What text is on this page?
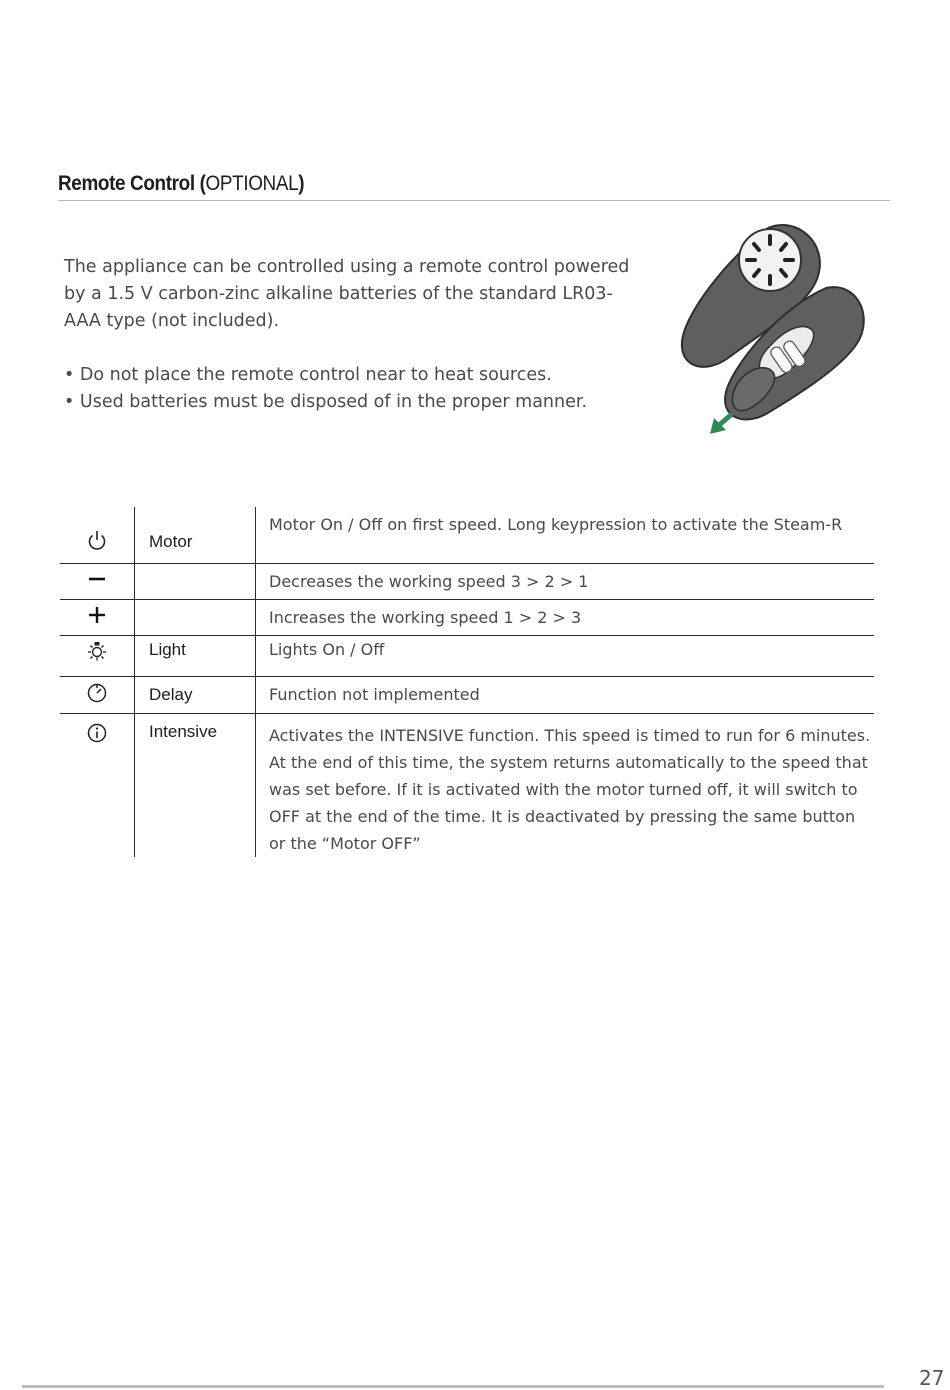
Remote Control (OPTIONAL)

The appliance can be controlled using a remote control powered by a 1.5 V carbon-zinc alkaline batteries of the standard LR03-AAA type (not included).

• Do not place the remote control near to heat sources.
• Used batteries must be disposed of in the proper manner.
+
	Motor	Motor On / Off on first speed. Long keypression to activate the Steam-R

		Decreases the working speed 3 > 2 > 1

		Increases the working speed 1 > 2 > 3

	Light	Lights On / Off

	Delay	Function not implemented

	Intensive	Activates the INTENSIVE function. This speed is timed to run for 6 minutes. At the end of this time, the system returns automatically to the speed that was set before. If it is activated with the motor turned off, it will switch to OFF at the end of the time. It is deactivated by pressing the same button or the “Motor OFF”
27
